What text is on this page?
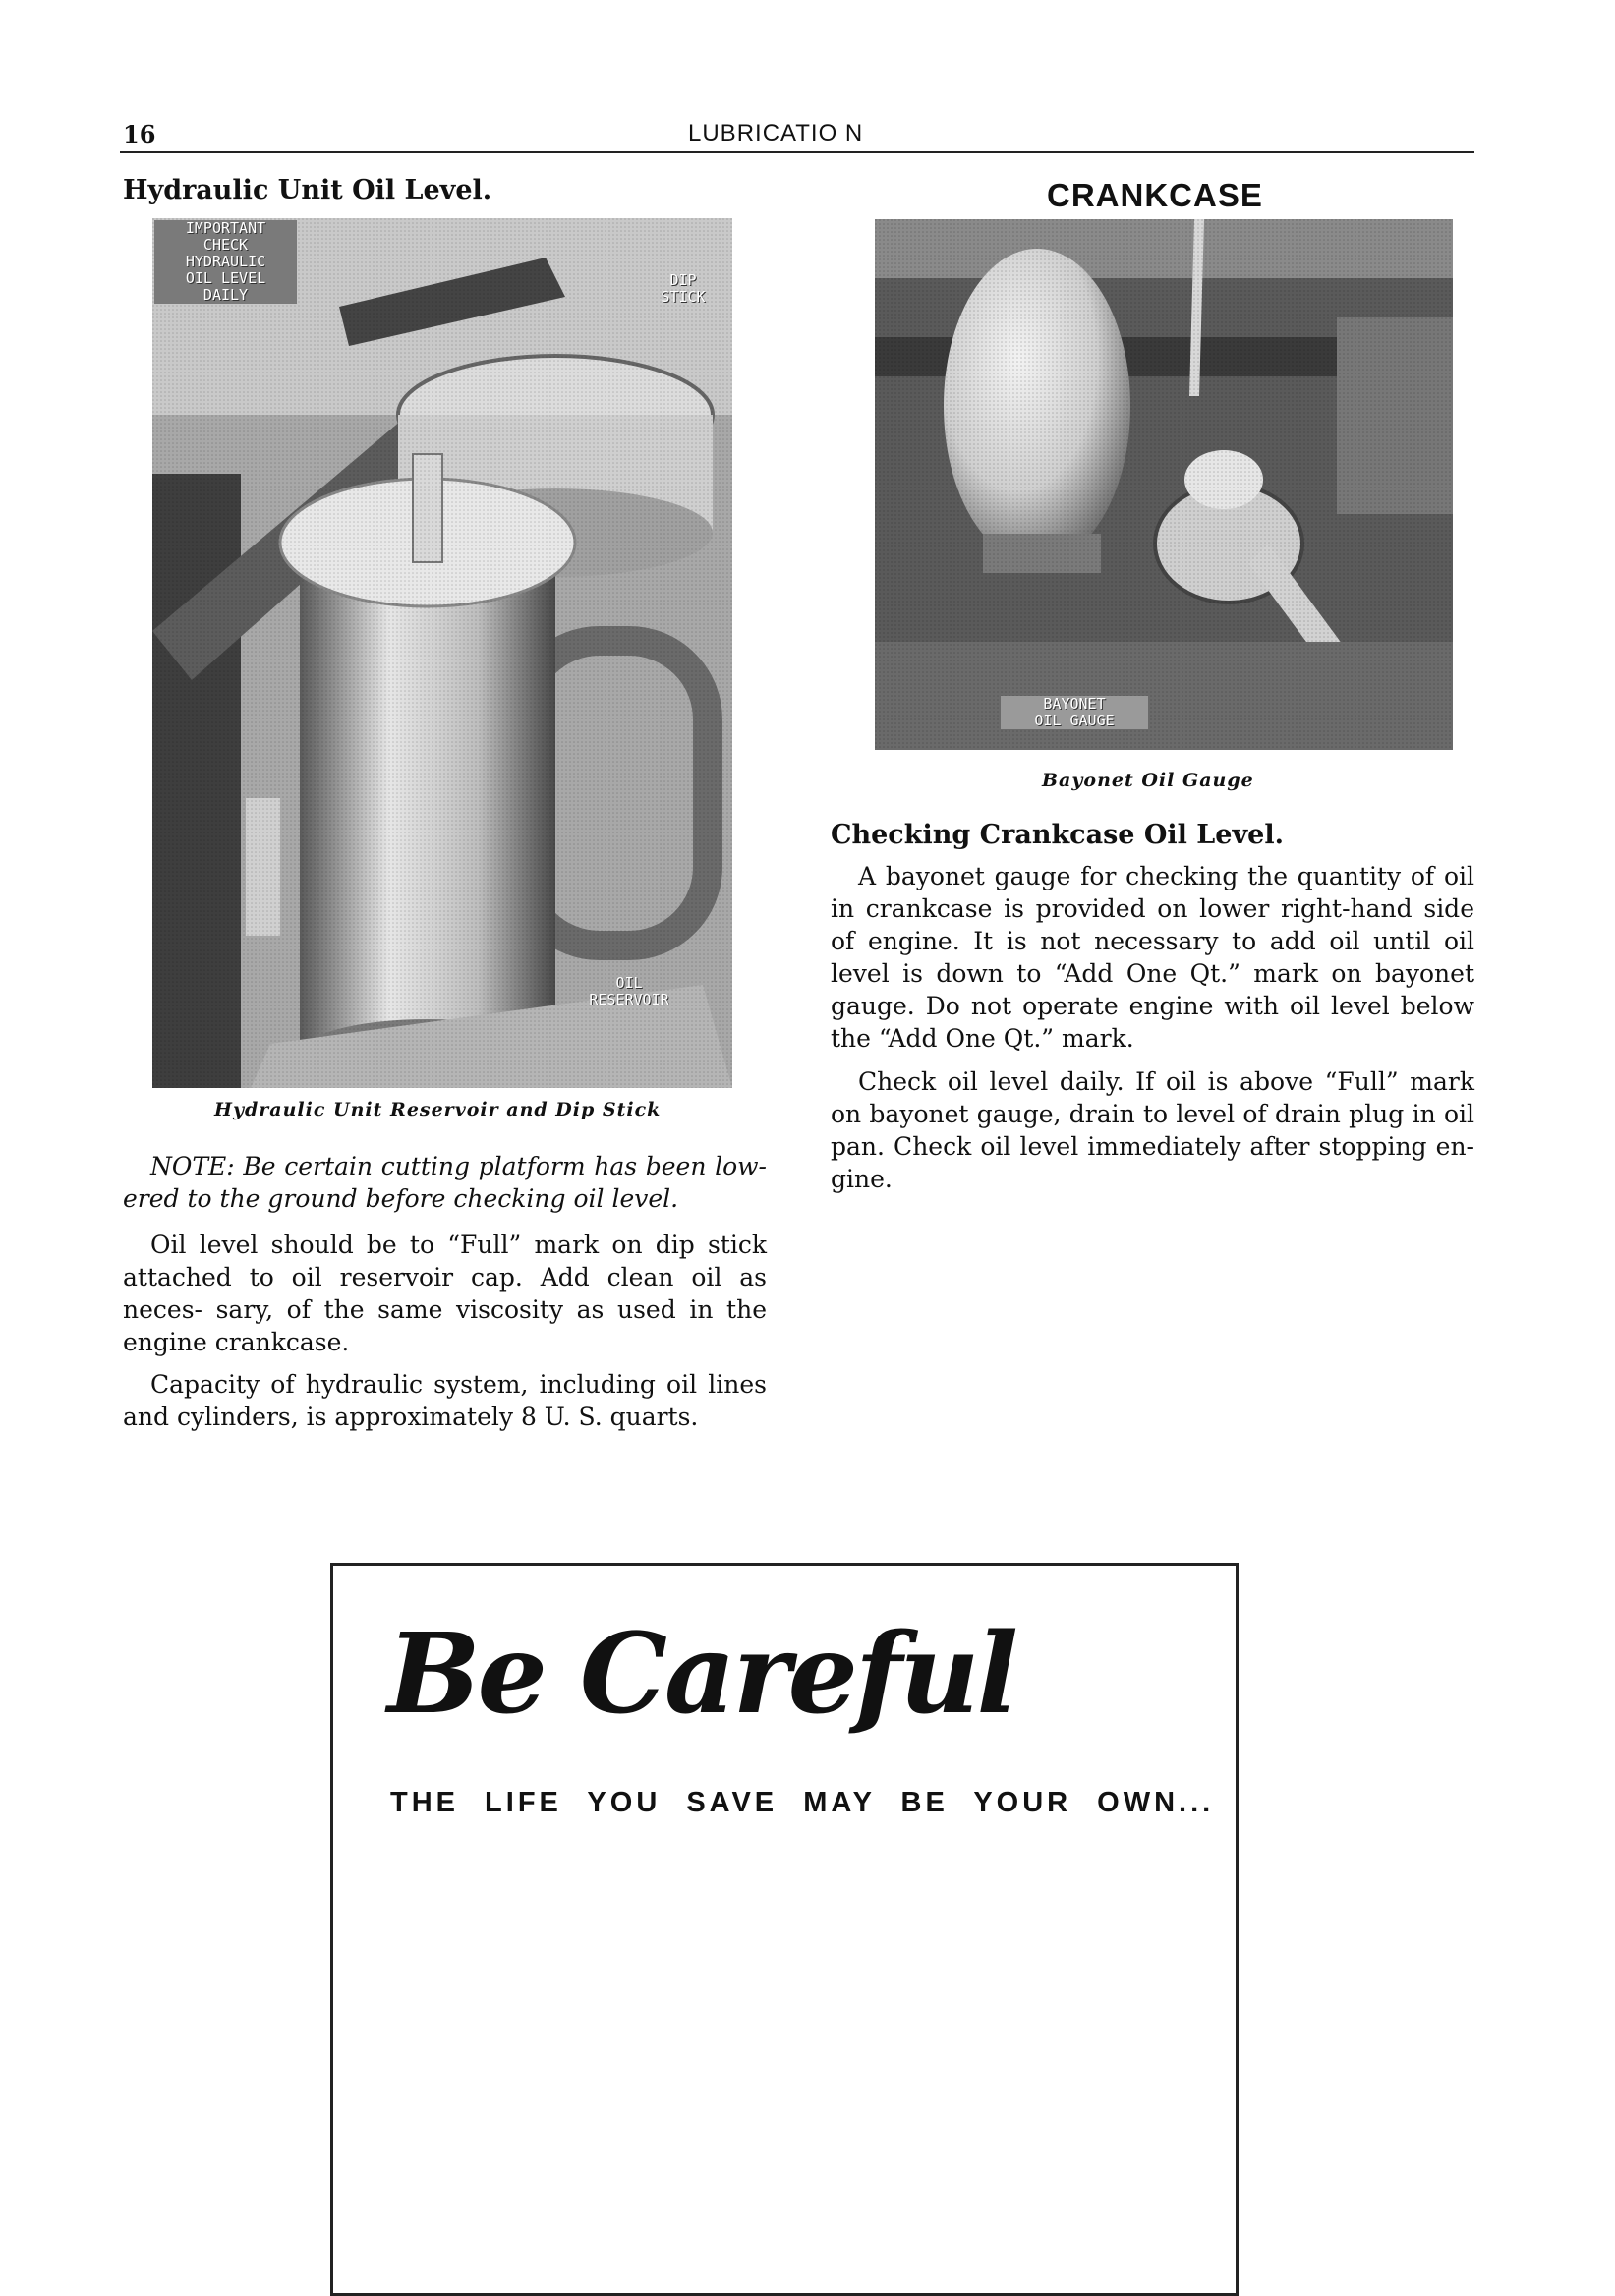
16	LUBRICATIO N
Hydraulic Unit Oil Level.
IMPORTANT
CHECK
HYDRAULIC
OIL LEVEL
DAILY
DIP
STICK
OIL
RESERVOIR
Hydraulic Unit Reservoir and Dip Stick

NOTE: Be certain cutting platform has been low- ered to the ground before checking oil level.

Oil level should be to “Full” mark on dip stick attached to oil reservoir cap. Add clean oil as neces- sary, of the same viscosity as used in the engine crankcase.

Capacity of hydraulic system, including oil lines and cylinders, is approximately 8 U. S. quarts.

CRANKCASE
BAYONET
OIL GAUGE
Bayonet Oil Gauge
Checking Crankcase Oil Level.

A bayonet gauge for checking the quantity of oil in crankcase is provided on lower right-hand side of engine. It is not necessary to add oil until oil level is down to “Add One Qt.” mark on bayonet gauge. Do not operate engine with oil level below the “Add One Qt.” mark.

Check oil level daily. If oil is above “Full” mark on bayonet gauge, drain to level of drain plug in oil pan. Check oil level immediately after stopping en- gine.

Be Careful
THE LIFE YOU SAVE MAY BE YOUR OWN...
